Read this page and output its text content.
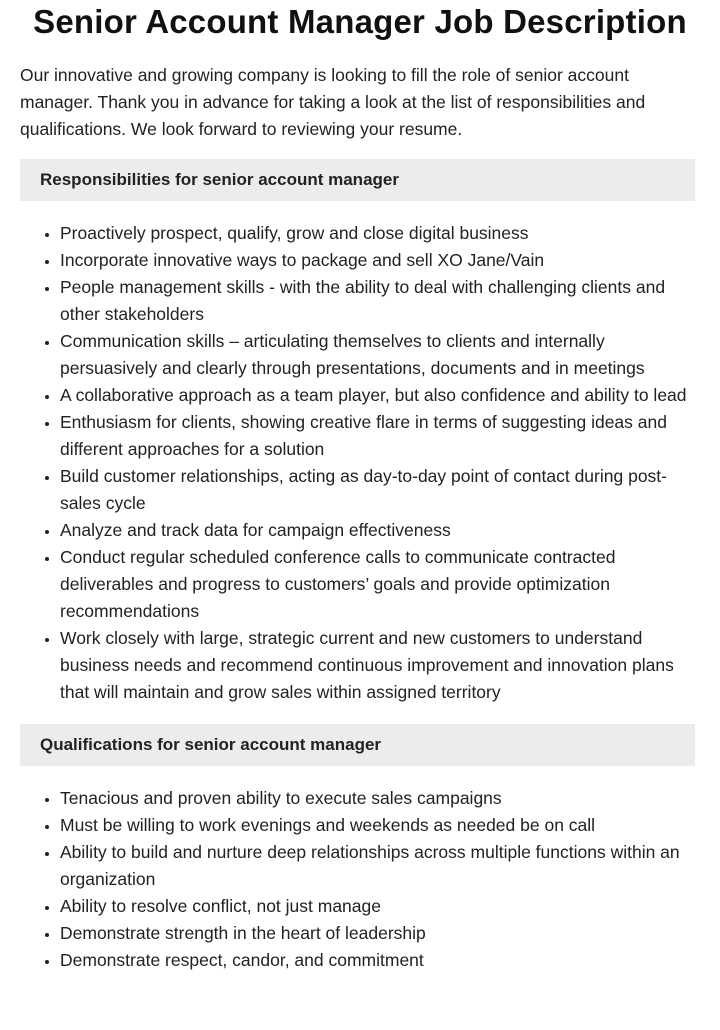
Senior Account Manager Job Description

Our innovative and growing company is looking to fill the role of senior account manager. Thank you in advance for taking a look at the list of responsibilities and qualifications. We look forward to reviewing your resume.

Responsibilities for senior account manager
• Proactively prospect, qualify, grow and close digital business
• Incorporate innovative ways to package and sell XO Jane/Vain
• People management skills - with the ability to deal with challenging clients and other stakeholders
• Communication skills – articulating themselves to clients and internally persuasively and clearly through presentations, documents and in meetings
• A collaborative approach as a team player, but also confidence and ability to lead
• Enthusiasm for clients, showing creative flare in terms of suggesting ideas and different approaches for a solution
• Build customer relationships, acting as day-to-day point of contact during post-sales cycle
• Analyze and track data for campaign effectiveness
• Conduct regular scheduled conference calls to communicate contracted deliverables and progress to customers’ goals and provide optimization recommendations
• Work closely with large, strategic current and new customers to understand business needs and recommend continuous improvement and innovation plans that will maintain and grow sales within assigned territory
Qualifications for senior account manager
• Tenacious and proven ability to execute sales campaigns
• Must be willing to work evenings and weekends as needed be on call
• Ability to build and nurture deep relationships across multiple functions within an organization
• Ability to resolve conflict, not just manage
• Demonstrate strength in the heart of leadership
• Demonstrate respect, candor, and commitment
